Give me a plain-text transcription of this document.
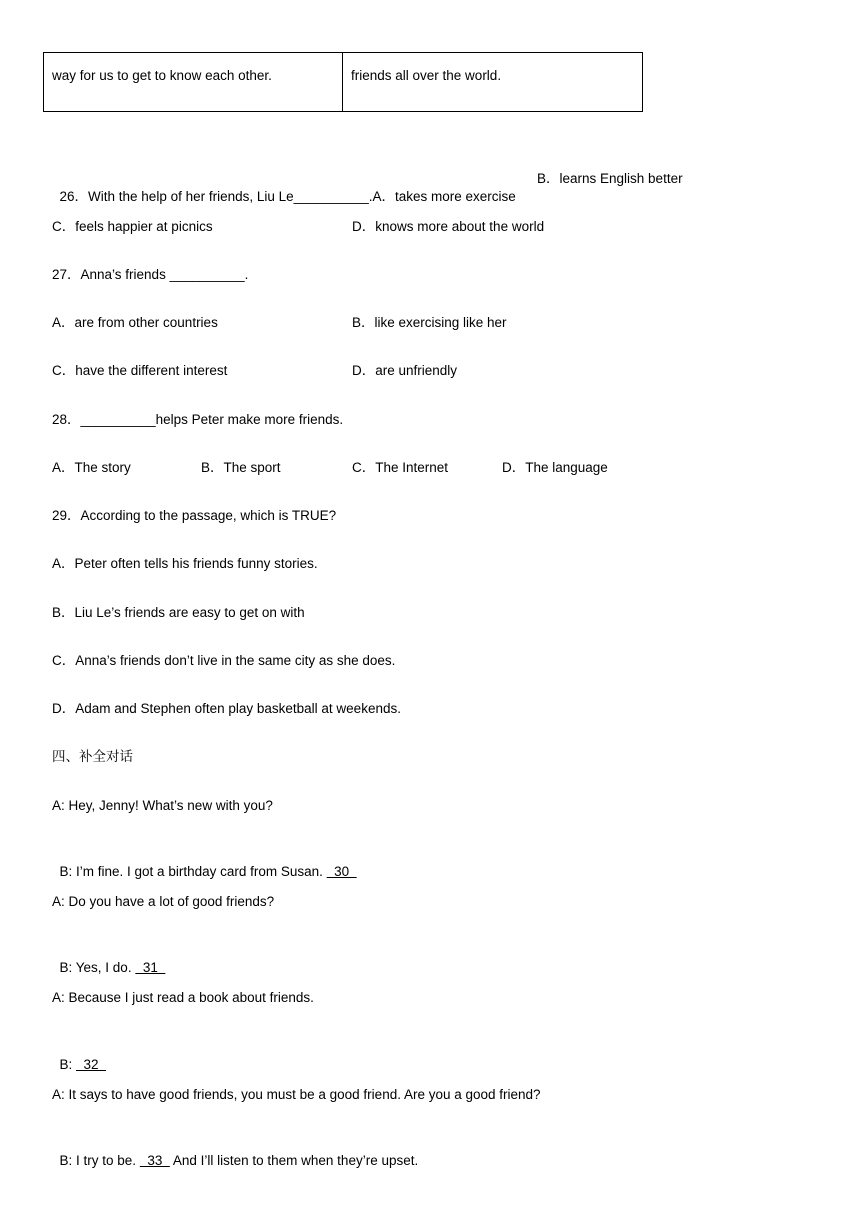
way for us to get to know each other.	friends all over the world.

26．With the help of her friends, Liu Le__________.A．takes more exercise

B．learns English better
C．feels happier at picnics	D．knows more about the world
27．Anna’s friends __________.
A．are from other countries	B．like exercising like her
C．have the different interest	D．are unfriendly
28．__________helps Peter make more friends.
A．The story	B．The sport	C．The Internet	D．The language
29．According to the passage, which is TRUE?
A．Peter often tells his friends funny stories.
B．Liu Le’s friends are easy to get on with
C．Anna’s friends don’t live in the same city as she does.
D．Adam and Stephen often play basketball at weekends.
四、补全对话
A: Hey, Jenny! What’s new with you?

B: I’m fine. I got a birthday card from Susan.   30

A: Do you have a lot of good friends?

B: Yes, I do.   31

A: Because I just read a book about friends.

B:   32

A: It says to have good friends, you must be a good friend. Are you a good friend?

B: I try to be.   33   And I’ll listen to them when they’re upset.
